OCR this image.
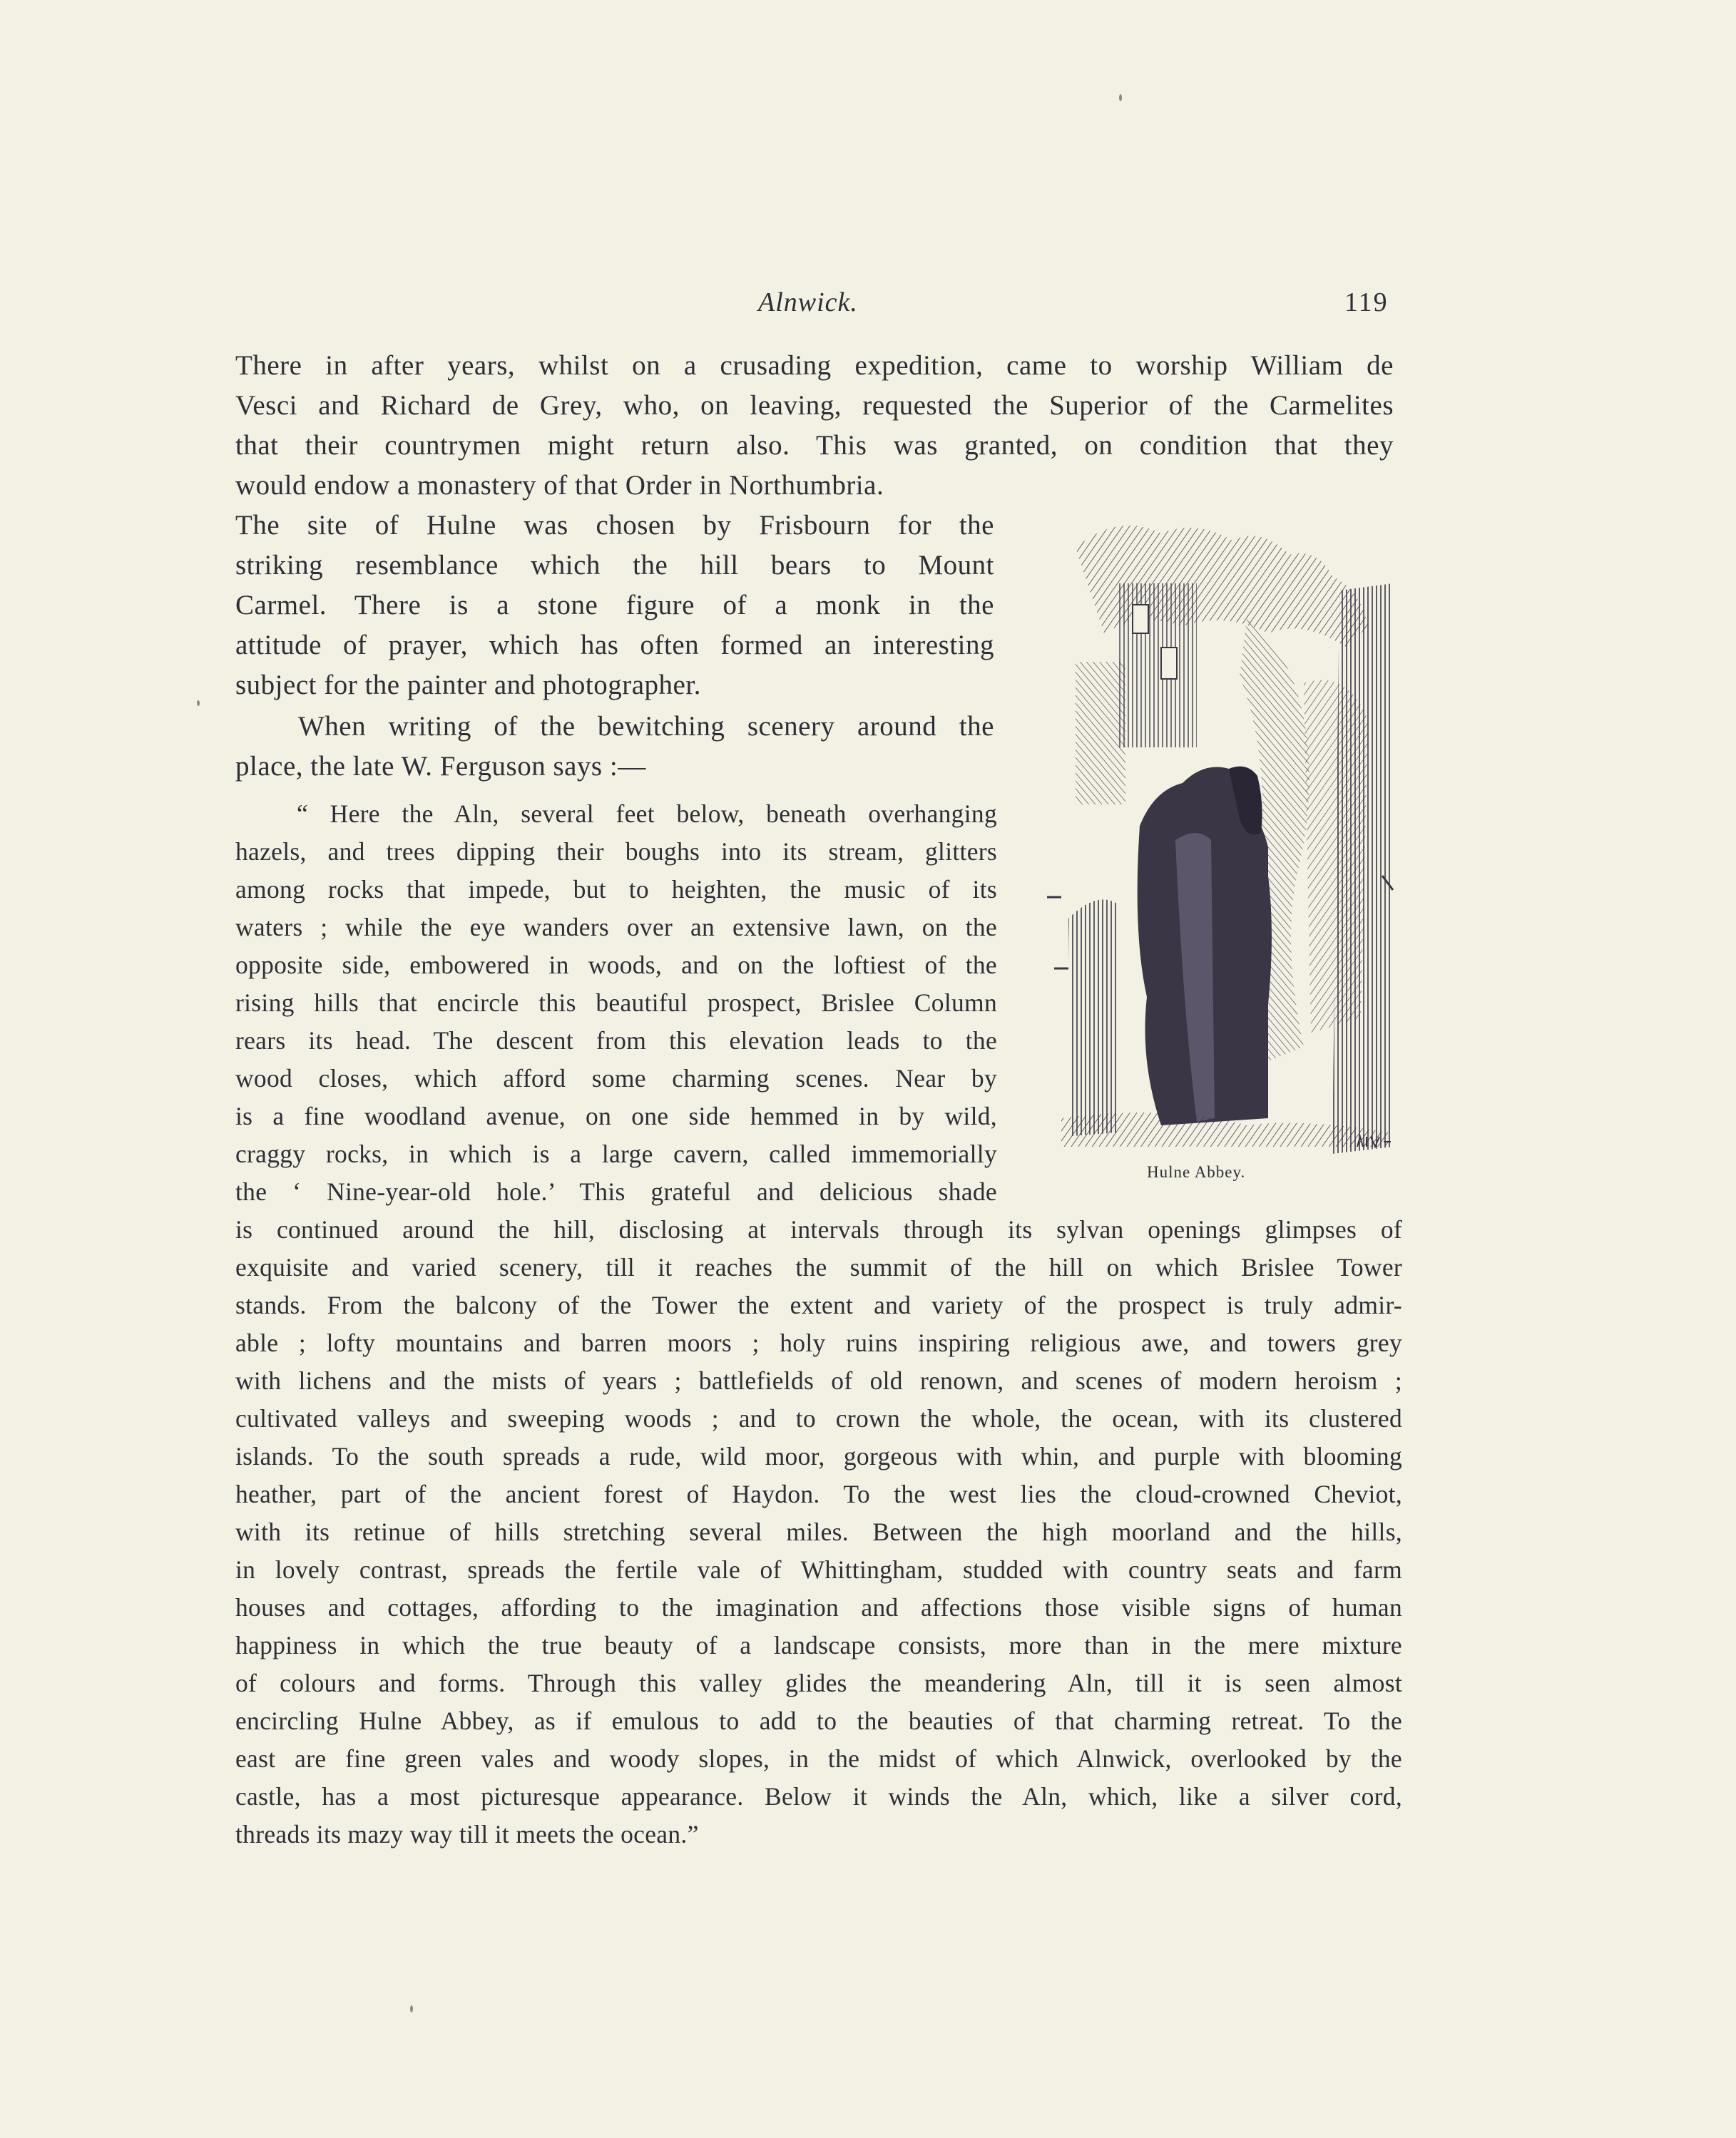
Alnwick.	119

There in after years, whilst on a crusading expedition, came to worship William de

Vesci and Richard de Grey, who, on leaving, requested the Superior of the Carmelites

that their countrymen might return also. This was granted, on condition that they

would endow a monastery of that Order in Northumbria.

The site of Hulne was chosen by Frisbourn for the

striking resemblance which the hill bears to Mount

Carmel. There is a stone figure of a monk in the

attitude of prayer, which has often formed an interesting

subject for the painter and photographer.

When writing of the bewitching scenery around the

place, the late W. Ferguson says :—

“ Here the Aln, several feet below, beneath overhanging

hazels, and trees dipping their boughs into its stream, glitters

among rocks that impede, but to heighten, the music of its

waters ; while the eye wanders over an extensive lawn, on the

opposite side, embowered in woods, and on the loftiest of the

rising hills that encircle this beautiful prospect, Brislee Column

rears its head. The descent from this elevation leads to the

wood closes, which afford some charming scenes. Near by

is a fine woodland avenue, on one side hemmed in by wild,

craggy rocks, in which is a large cavern, called immemorially

the ‘ Nine-year-old hole.’ This grateful and delicious shade

is continued around the hill, disclosing at intervals through its sylvan openings glimpses of

exquisite and varied scenery, till it reaches the summit of the hill on which Brislee Tower

stands. From the balcony of the Tower the extent and variety of the prospect is truly admir-

able ; lofty mountains and barren moors ; holy ruins inspiring religious awe, and towers grey

with lichens and the mists of years ; battlefields of old renown, and scenes of modern heroism ;

cultivated valleys and sweeping woods ; and to crown the whole, the ocean, with its clustered

islands. To the south spreads a rude, wild moor, gorgeous with whin, and purple with blooming

heather, part of the ancient forest of Haydon. To the west lies the cloud-crowned Cheviot,

with its retinue of hills stretching several miles. Between the high moorland and the hills,

in lovely contrast, spreads the fertile vale of Whittingham, studded with country seats and farm

houses and cottages, affording to the imagination and affections those visible signs of human

happiness in which the true beauty of a landscape consists, more than in the mere mixture

of colours and forms. Through this valley glides the meandering Aln, till it is seen almost

encircling Hulne Abbey, as if emulous to add to the beauties of that charming retreat. To the

east are fine green vales and woody slopes, in the midst of which Alnwick, overlooked by the

castle, has a most picturesque appearance. Below it winds the Aln, which, like a silver cord,

threads its mazy way till it meets the ocean.”

Hulne Abbey.
